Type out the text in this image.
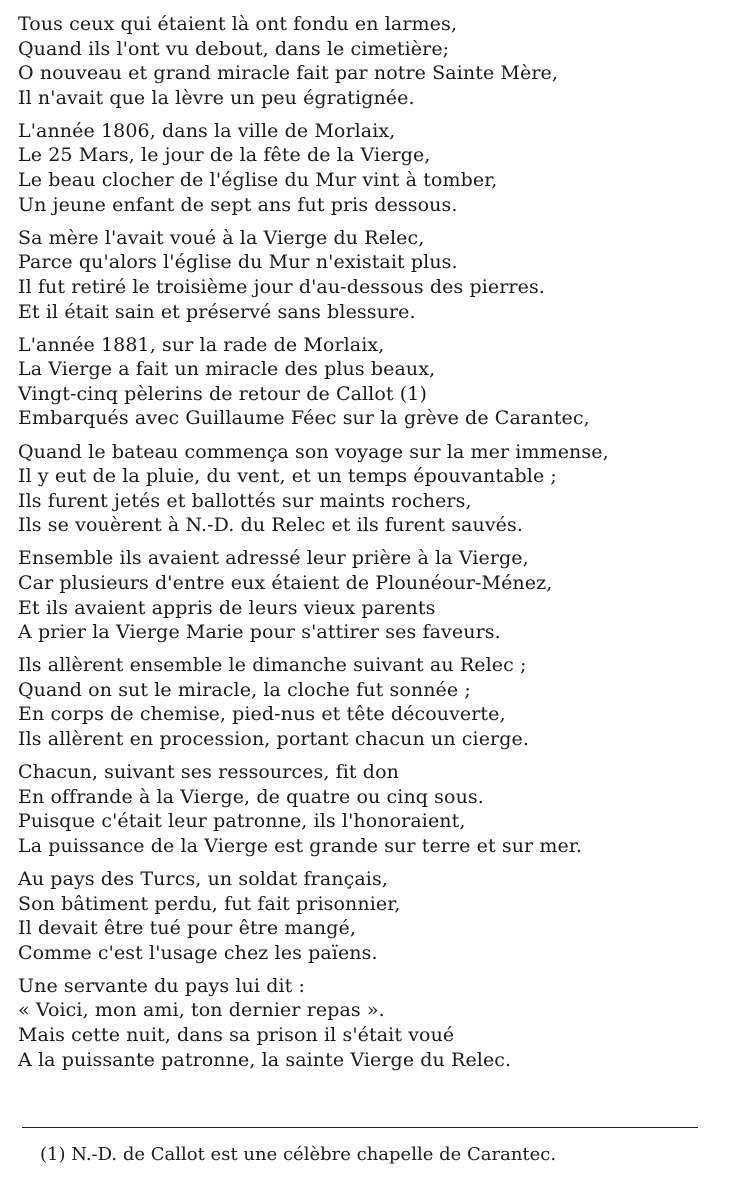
Tous ceux qui étaient là ont fondu en larmes,
Quand ils l'ont vu debout, dans le cimetière;
O nouveau et grand miracle fait par notre Sainte Mère,
Il n'avait que la lèvre un peu égratignée.
L'année 1806, dans la ville de Morlaix,
Le 25 Mars, le jour de la fête de la Vierge,
Le beau clocher de l'église du Mur vint à tomber,
Un jeune enfant de sept ans fut pris dessous.
Sa mère l'avait voué à la Vierge du Relec,
Parce qu'alors l'église du Mur n'existait plus.
Il fut retiré le troisième jour d'au-dessous des pierres.
Et il était sain et préservé sans blessure.
L'année 1881, sur la rade de Morlaix,
La Vierge a fait un miracle des plus beaux,
Vingt-cinq pèlerins de retour de Callot (1)
Embarqués avec Guillaume Féec sur la grève de Carantec,
Quand le bateau commença son voyage sur la mer immense,
Il y eut de la pluie, du vent, et un temps épouvantable ;
Ils furent jetés et ballottés sur maints rochers,
Ils se vouèrent à N.-D. du Relec et ils furent sauvés.
Ensemble ils avaient adressé leur prière à la Vierge,
Car plusieurs d'entre eux étaient de Plounéour-Ménez,
Et ils avaient appris de leurs vieux parents
A prier la Vierge Marie pour s'attirer ses faveurs.
Ils allèrent ensemble le dimanche suivant au Relec ;
Quand on sut le miracle, la cloche fut sonnée ;
En corps de chemise, pied-nus et tête découverte,
Ils allèrent en procession, portant chacun un cierge.
Chacun, suivant ses ressources, fit don
En offrande à la Vierge, de quatre ou cinq sous.
Puisque c'était leur patronne, ils l'honoraient,
La puissance de la Vierge est grande sur terre et sur mer.
Au pays des Turcs, un soldat français,
Son bâtiment perdu, fut fait prisonnier,
Il devait être tué pour être mangé,
Comme c'est l'usage chez les païens.
Une servante du pays lui dit :
« Voici, mon ami, ton dernier repas ».
Mais cette nuit, dans sa prison il s'était voué
A la puissante patronne, la sainte Vierge du Relec.
(1) N.-D. de Callot est une célèbre chapelle de Carantec.
